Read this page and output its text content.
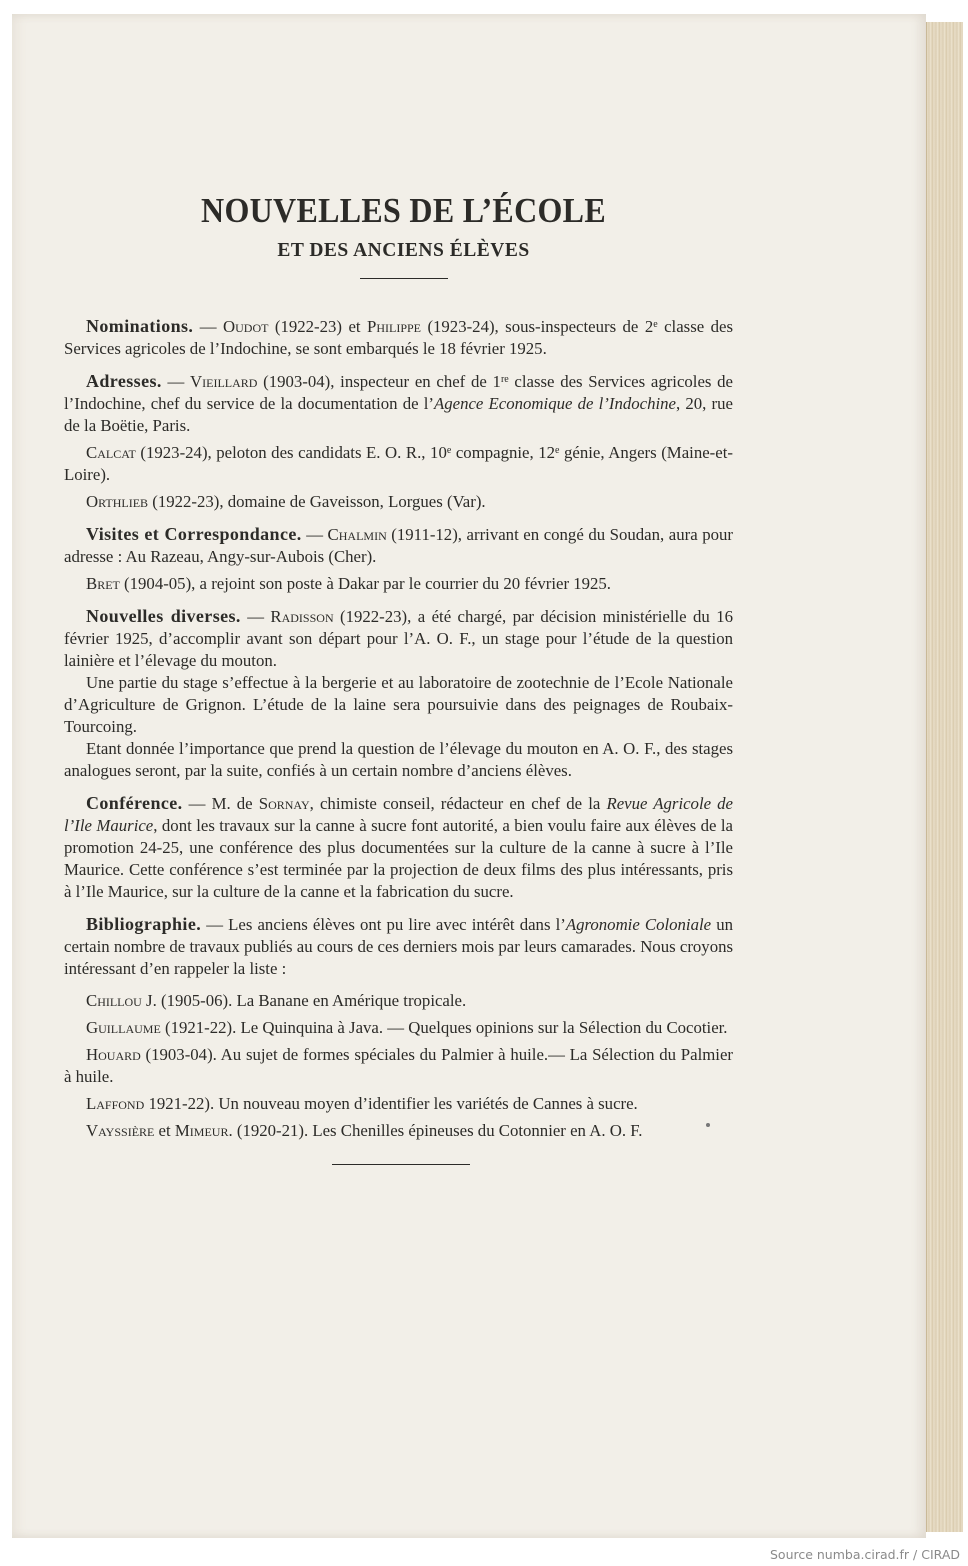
NOUVELLES DE L’ÉCOLE
ET DES ANCIENS ÉLÈVES

Nominations. — Oudot (1922-23) et Philippe (1923-24), sous-inspecteurs de 2e classe des Services agricoles de l’Indochine, se sont embarqués le 18 février 1925.

Adresses. — Vieillard (1903-04), inspecteur en chef de 1re classe des Services agricoles de l’Indochine, chef du service de la documentation de l’Agence Economique de l’Indochine, 20, rue de la Boëtie, Paris.

Calcat (1923-24), peloton des candidats E. O. R., 10e compagnie, 12e génie, Angers (Maine-et-Loire).

Orthlieb (1922-23), domaine de Gaveisson, Lorgues (Var).

Visites et Correspondance. — Chalmin (1911-12), arrivant en congé du Soudan, aura pour adresse : Au Razeau, Angy-sur-Aubois (Cher).

Bret (1904-05), a rejoint son poste à Dakar par le courrier du 20 février 1925.

Nouvelles diverses. — Radisson (1922-23), a été chargé, par décision ministérielle du 16 février 1925, d’accomplir avant son départ pour l’A. O. F., un stage pour l’étude de la question lainière et l’élevage du mouton.

Une partie du stage s’effectue à la bergerie et au laboratoire de zootechnie de l’Ecole Nationale d’Agriculture de Grignon. L’étude de la laine sera poursuivie dans des peignages de Roubaix-Tourcoing.

Etant donnée l’importance que prend la question de l’élevage du mouton en A. O. F., des stages analogues seront, par la suite, confiés à un certain nombre d’anciens élèves.

Conférence. — M. de Sornay, chimiste conseil, rédacteur en chef de la Revue Agricole de l’Ile Maurice, dont les travaux sur la canne à sucre font autorité, a bien voulu faire aux élèves de la promotion 24-25, une conférence des plus documentées sur la culture de la canne à sucre à l’Ile Maurice. Cette conférence s’est terminée par la projection de deux films des plus intéressants, pris à l’Ile Maurice, sur la culture de la canne et la fabrication du sucre.

Bibliographie. — Les anciens élèves ont pu lire avec intérêt dans l’Agronomie Coloniale un certain nombre de travaux publiés au cours de ces derniers mois par leurs camarades. Nous croyons intéressant d’en rappeler la liste :

Chillou J. (1905-06). La Banane en Amérique tropicale.

Guillaume (1921-22). Le Quinquina à Java. — Quelques opinions sur la Sélection du Cocotier.

Houard (1903-04). Au sujet de formes spéciales du Palmier à huile.— La Sélection du Palmier à huile.

Laffond 1921-22). Un nouveau moyen d’identifier les variétés de Cannes à sucre.

Vayssière et Mimeur. (1920-21). Les Chenilles épineuses du Cotonnier en A. O. F.

Source numba.cirad.fr / CIRAD
